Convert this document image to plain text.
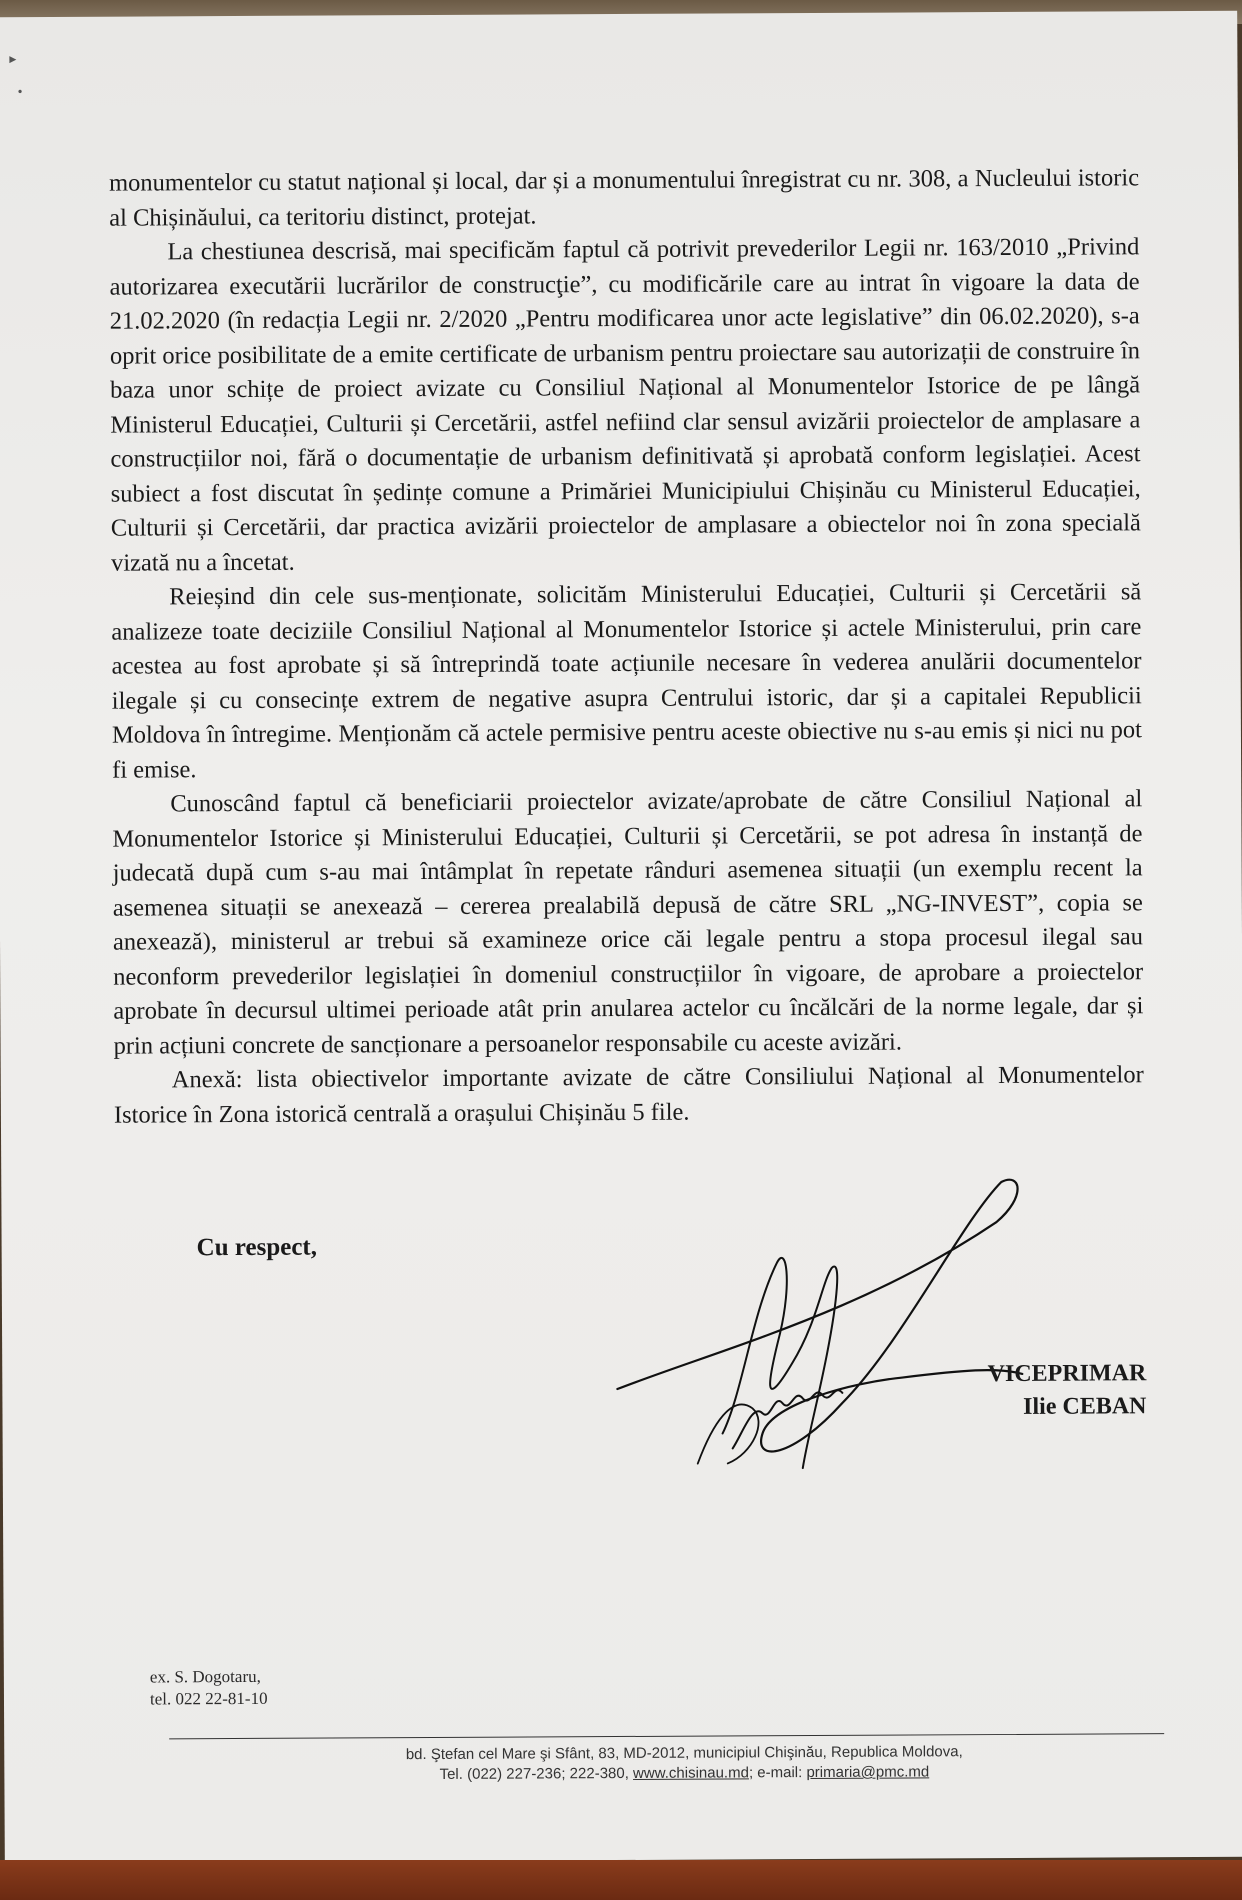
▸
•

monumentelor cu statut național și local, dar și a monumentului înregistrat cu nr. 308, a Nucleului istoric al Chișinăului, ca teritoriu distinct, protejat.

La chestiunea descrisă, mai specificăm faptul că potrivit prevederilor Legii nr. 163/2010 „Privind autorizarea executării lucrărilor de construcţie”, cu modificările care au intrat în vigoare la data de 21.02.2020 (în redacția Legii nr. 2/2020 „Pentru modificarea unor acte legislative” din 06.02.2020), s-a oprit orice posibilitate de a emite certificate de urbanism pentru proiectare sau autorizații de construire în baza unor schițe de proiect avizate cu Consiliul Național al Monumentelor Istorice de pe lângă Ministerul Educației, Culturii și Cercetării, astfel nefiind clar sensul avizării proiectelor de amplasare a construcțiilor noi, fără o documentație de urbanism definitivată și aprobată conform legislației. Acest subiect a fost discutat în ședințe comune a Primăriei Municipiului Chișinău cu Ministerul Educației, Culturii și Cercetării, dar practica avizării proiectelor de amplasare a obiectelor noi în zona specială vizată nu a încetat.

Reieșind din cele sus-menționate, solicităm Ministerului Educației, Culturii și Cercetării să analizeze toate deciziile Consiliul Național al Monumentelor Istorice și actele Ministerului, prin care acestea au fost aprobate și să întreprindă toate acțiunile necesare în vederea anulării documentelor ilegale și cu consecințe extrem de negative asupra Centrului istoric, dar și a capitalei Republicii Moldova în întregime. Menționăm că actele permisive pentru aceste obiective nu s-au emis și nici nu pot fi emise.

Cunoscând faptul că beneficiarii proiectelor avizate/aprobate de către Consiliul Național al Monumentelor Istorice și Ministerului Educației, Culturii și Cercetării, se pot adresa în instanță de judecată după cum s-au mai întâmplat în repetate rânduri asemenea situații (un exemplu recent la asemenea situații se anexează – cererea prealabilă depusă de către SRL „NG-INVEST”, copia se anexează), ministerul ar trebui să examineze orice căi legale pentru a stopa procesul ilegal sau neconform prevederilor legislației în domeniul construcțiilor în vigoare, de aprobare a proiectelor aprobate în decursul ultimei perioade atât prin anularea actelor cu încălcări de la norme legale, dar și prin acțiuni concrete de sancționare a persoanelor responsabile cu aceste avizări.

Anexă: lista obiectivelor importante avizate de către Consiliului Național al Monumentelor Istorice în Zona istorică centrală a orașului Chișinău 5 file.

Cu respect,
VICEPRIMAR
Ilie CEBAN
ex. S. Dogotaru,
tel. 022 22-81-10
bd. Ştefan cel Mare şi Sfânt, 83, MD-2012, municipiul Chişinău, Republica Moldova,
Tel. (022) 227-236; 222-380, www.chisinau.md; e-mail: primaria@pmc.md
